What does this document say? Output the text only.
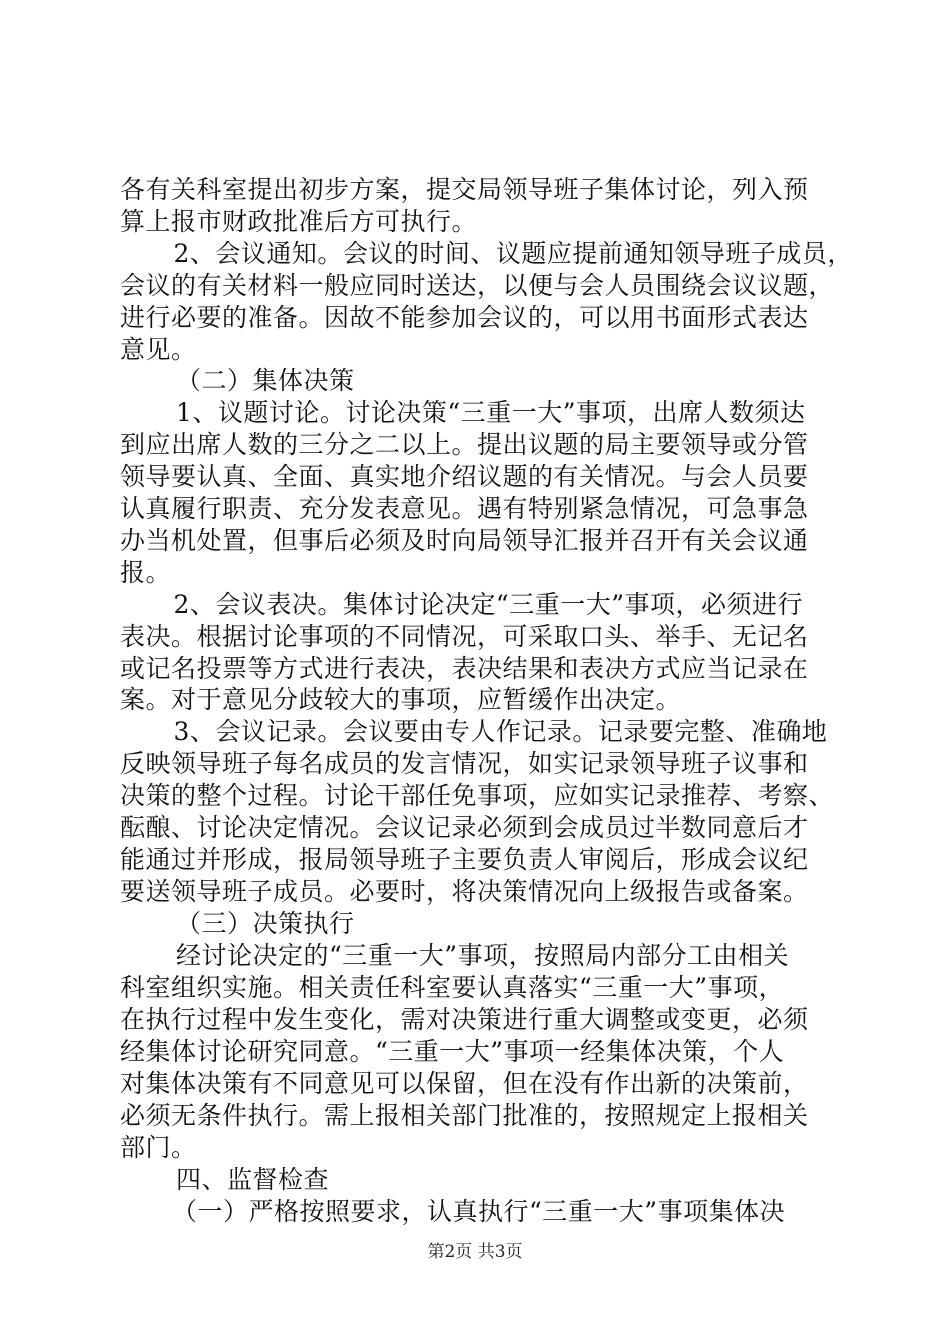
各有关科室提出初步方案，提交局领导班子集体讨论，列入预
算上报市财政批准后方可执行。
　2、会议通知。会议的时间、议题应提前通知领导班子成员，
会议的有关材料一般应同时送达，以便与会人员围绕会议议题，
进行必要的准备。因故不能参加会议的，可以用书面形式表达
意见。
（二）集体决策
1、议题讨论。讨论决策“三重一大”事项，出席人数须达
到应出席人数的三分之二以上。提出议题的局主要领导或分管
领导要认真、全面、真实地介绍议题的有关情况。与会人员要
认真履行职责、充分发表意见。遇有特别紧急情况，可急事急
办当机处置，但事后必须及时向局领导汇报并召开有关会议通
报。
　2、会议表决。集体讨论决定“三重一大”事项，必须进行
表决。根据讨论事项的不同情况，可采取口头、举手、无记名
或记名投票等方式进行表决，表决结果和表决方式应当记录在
案。对于意见分歧较大的事项，应暂缓作出决定。
　3、会议记录。会议要由专人作记录。记录要完整、准确地
反映领导班子每名成员的发言情况，如实记录领导班子议事和
决策的整个过程。讨论干部任免事项，应如实记录推荐、考察、
酝酿、讨论决定情况。会议记录必须到会成员过半数同意后才
能通过并形成，报局领导班子主要负责人审阅后，形成会议纪
要送领导班子成员。必要时，将决策情况向上级报告或备案。
（三）决策执行
经讨论决定的“三重一大”事项，按照局内部分工由相关
科室组织实施。相关责任科室要认真落实“三重一大”事项，
在执行过程中发生变化，需对决策进行重大调整或变更，必须
经集体讨论研究同意。“三重一大”事项一经集体决策，个人
对集体决策有不同意见可以保留，但在没有作出新的决策前，
必须无条件执行。需上报相关部门批准的，按照规定上报相关
部门。
四、监督检查
（一）严格按照要求，认真执行“三重一大”事项集体决
第2页 共3页
